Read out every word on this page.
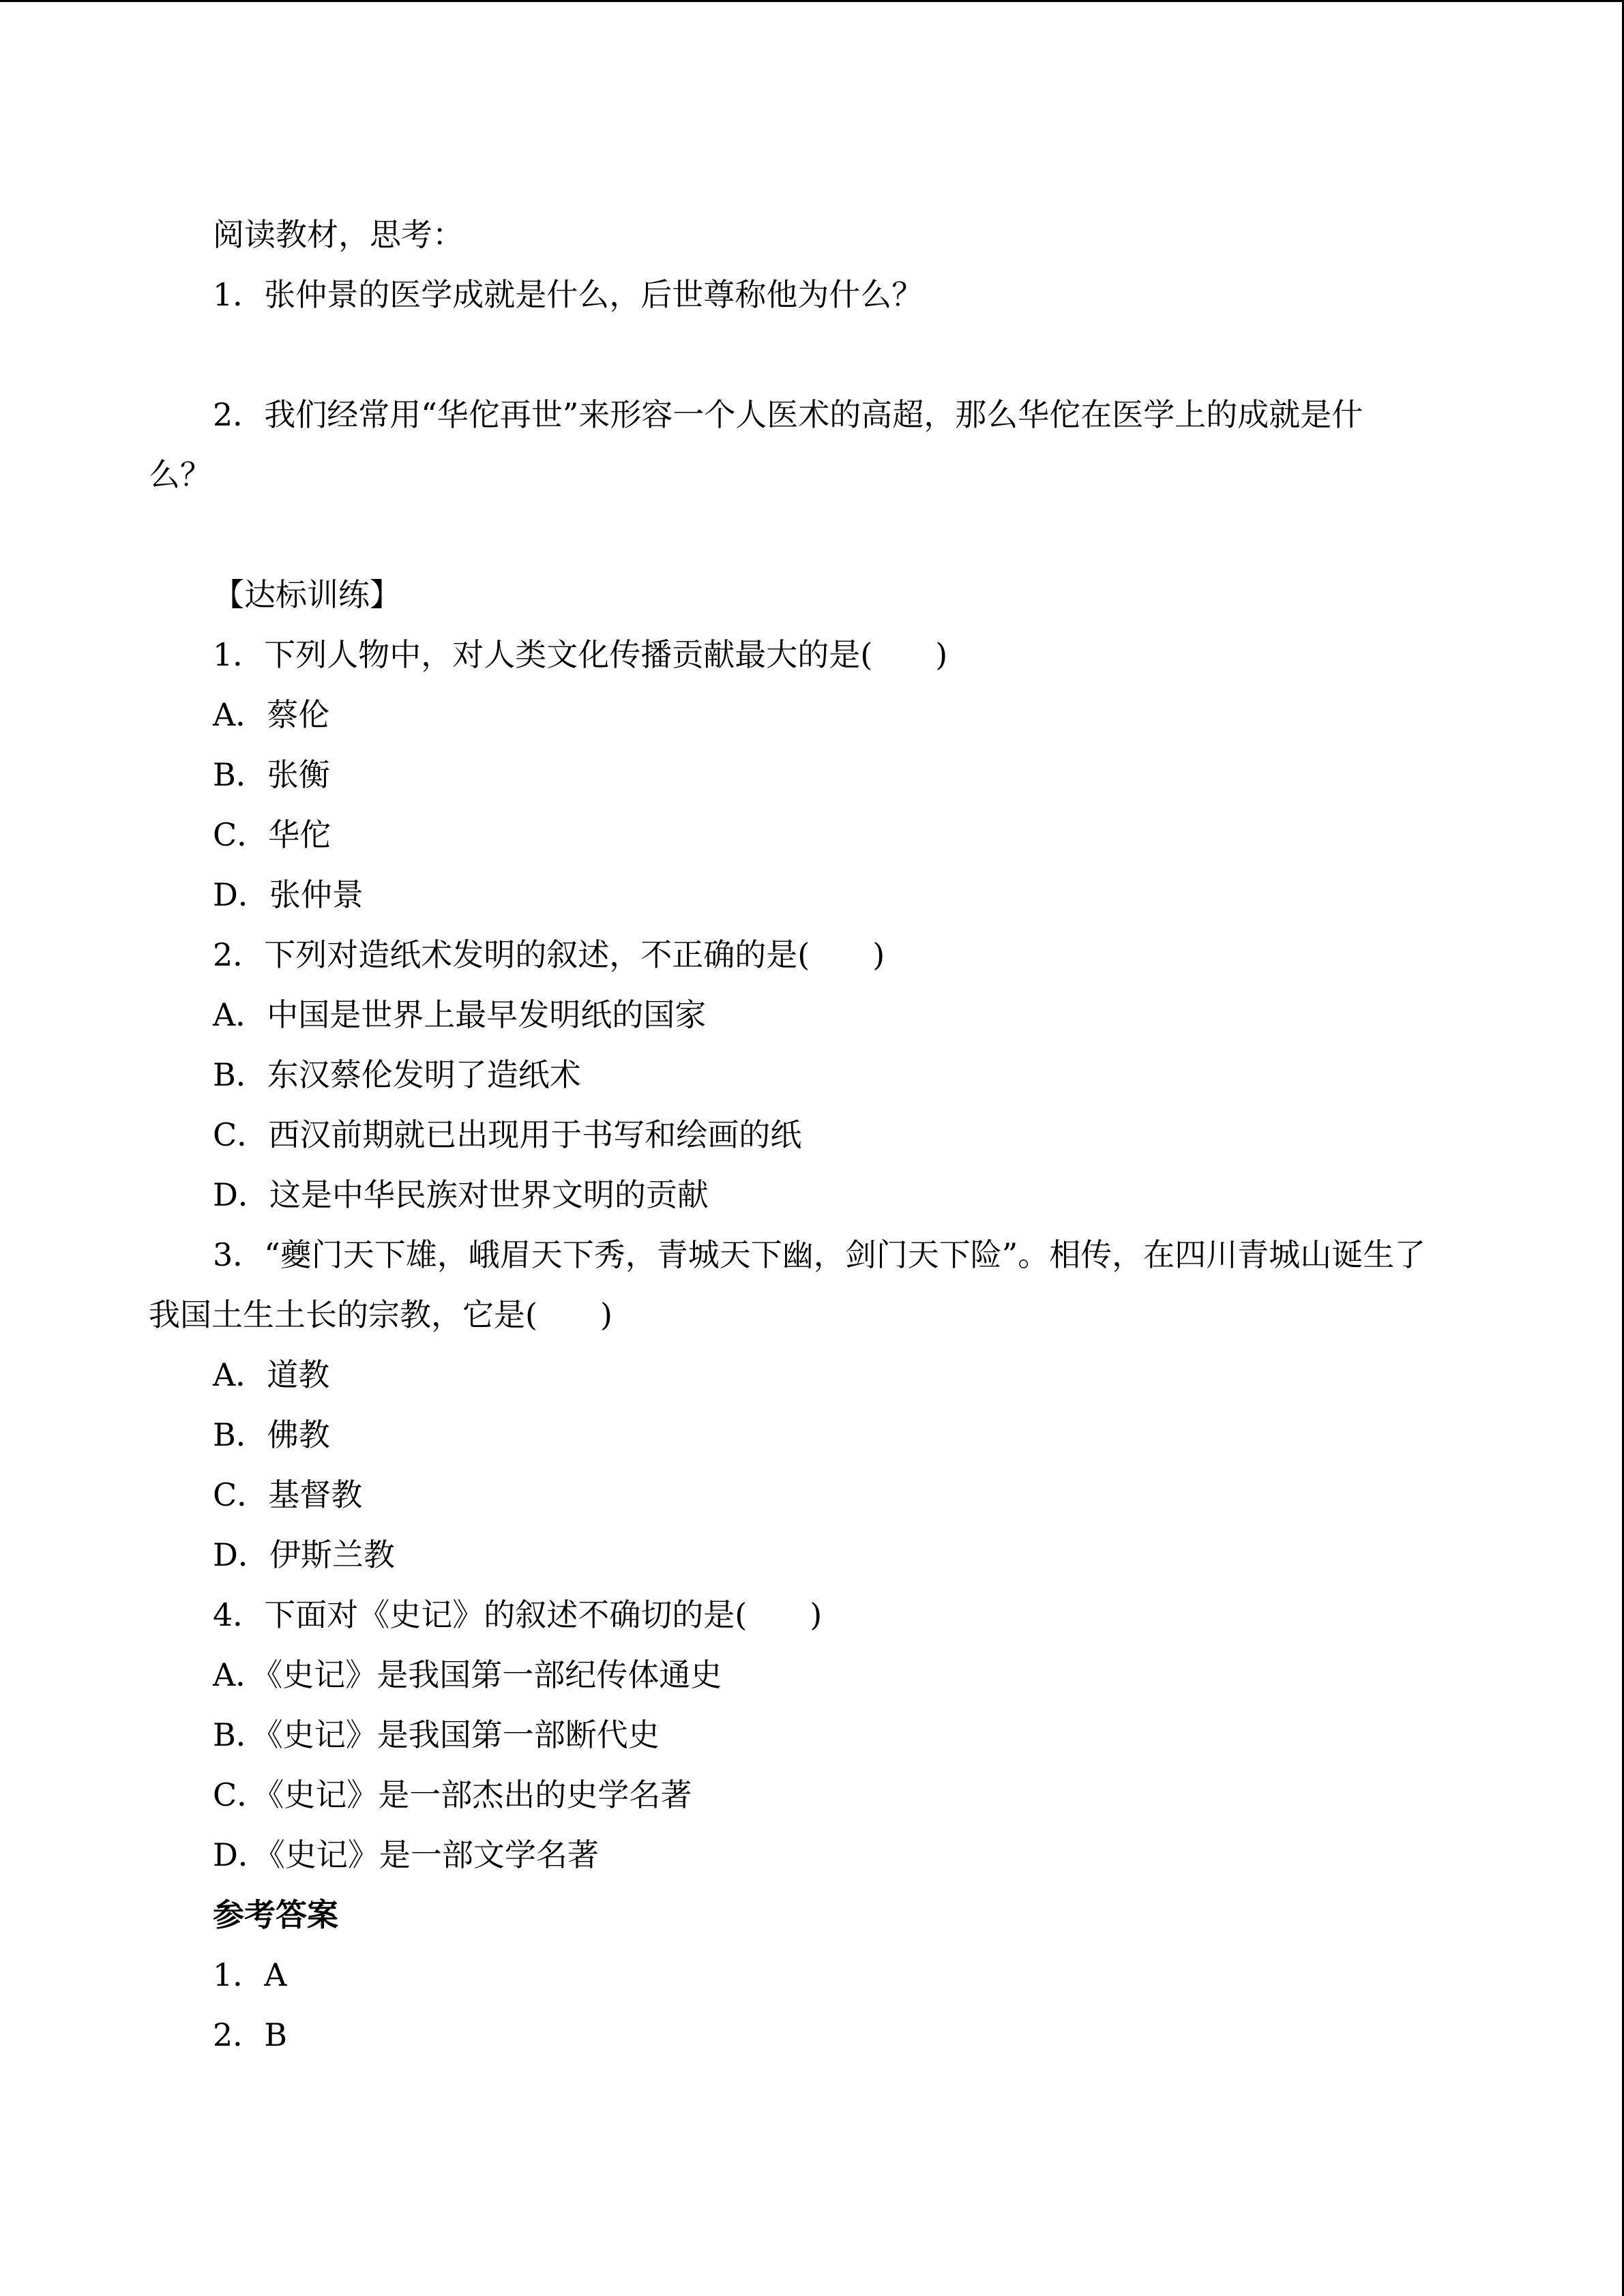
阅读教材，思考：
1．张仲景的医学成就是什么，后世尊称他为什么？
2．我们经常用“华佗再世”来形容一个人医术的高超，那么华佗在医学上的成就是什
么？
【达标训练】
1．下列人物中，对人类文化传播贡献最大的是(　　)
A．蔡伦
B．张衡
C．华佗
D．张仲景
2．下列对造纸术发明的叙述，不正确的是(　　)
A．中国是世界上最早发明纸的国家
B．东汉蔡伦发明了造纸术
C．西汉前期就已出现用于书写和绘画的纸
D．这是中华民族对世界文明的贡献
3．“夔门天下雄，峨眉天下秀，青城天下幽，剑门天下险”。相传，在四川青城山诞生了
我国土生土长的宗教，它是(　　)
A．道教
B．佛教
C．基督教
D．伊斯兰教
4．下面对《史记》的叙述不确切的是(　　)
A．《史记》是我国第一部纪传体通史
B．《史记》是我国第一部断代史
C．《史记》是一部杰出的史学名著
D．《史记》是一部文学名著
参考答案
1．A
2．B
